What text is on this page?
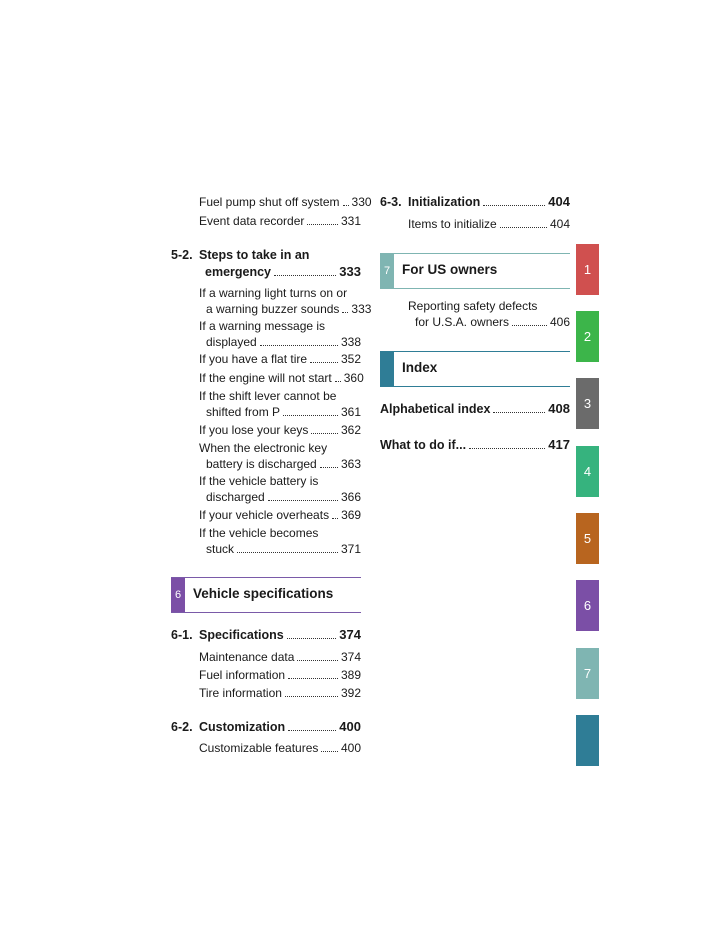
Fuel pump shut off system 330
Event data recorder	331
5-2. Steps to take in an
emergency	333
If a warning light turns on or
a warning buzzer sounds 333
If a warning message is
displayed	338
If you have a flat tire	352
If the engine will not start 360
If the shift lever cannot be
shifted from P	361
If you lose your keys	362
When the electronic key
battery is discharged 363
If the vehicle battery is
discharged	366
If your vehicle overheats 369
If the vehicle becomes
stuck	371
6 Vehicle specifications
6-1. Specifications	374
Maintenance data	374
Fuel information	389
Tire information	392
6-2. Customization	400
Customizable features 400
6-3. Initialization	404
Items to initialize	404
7 For US owners
Reporting safety defects
for U.S.A. owners	406
Index
Alphabetical index	408
What to do if...	417
1
2
3
4
5
6
7
